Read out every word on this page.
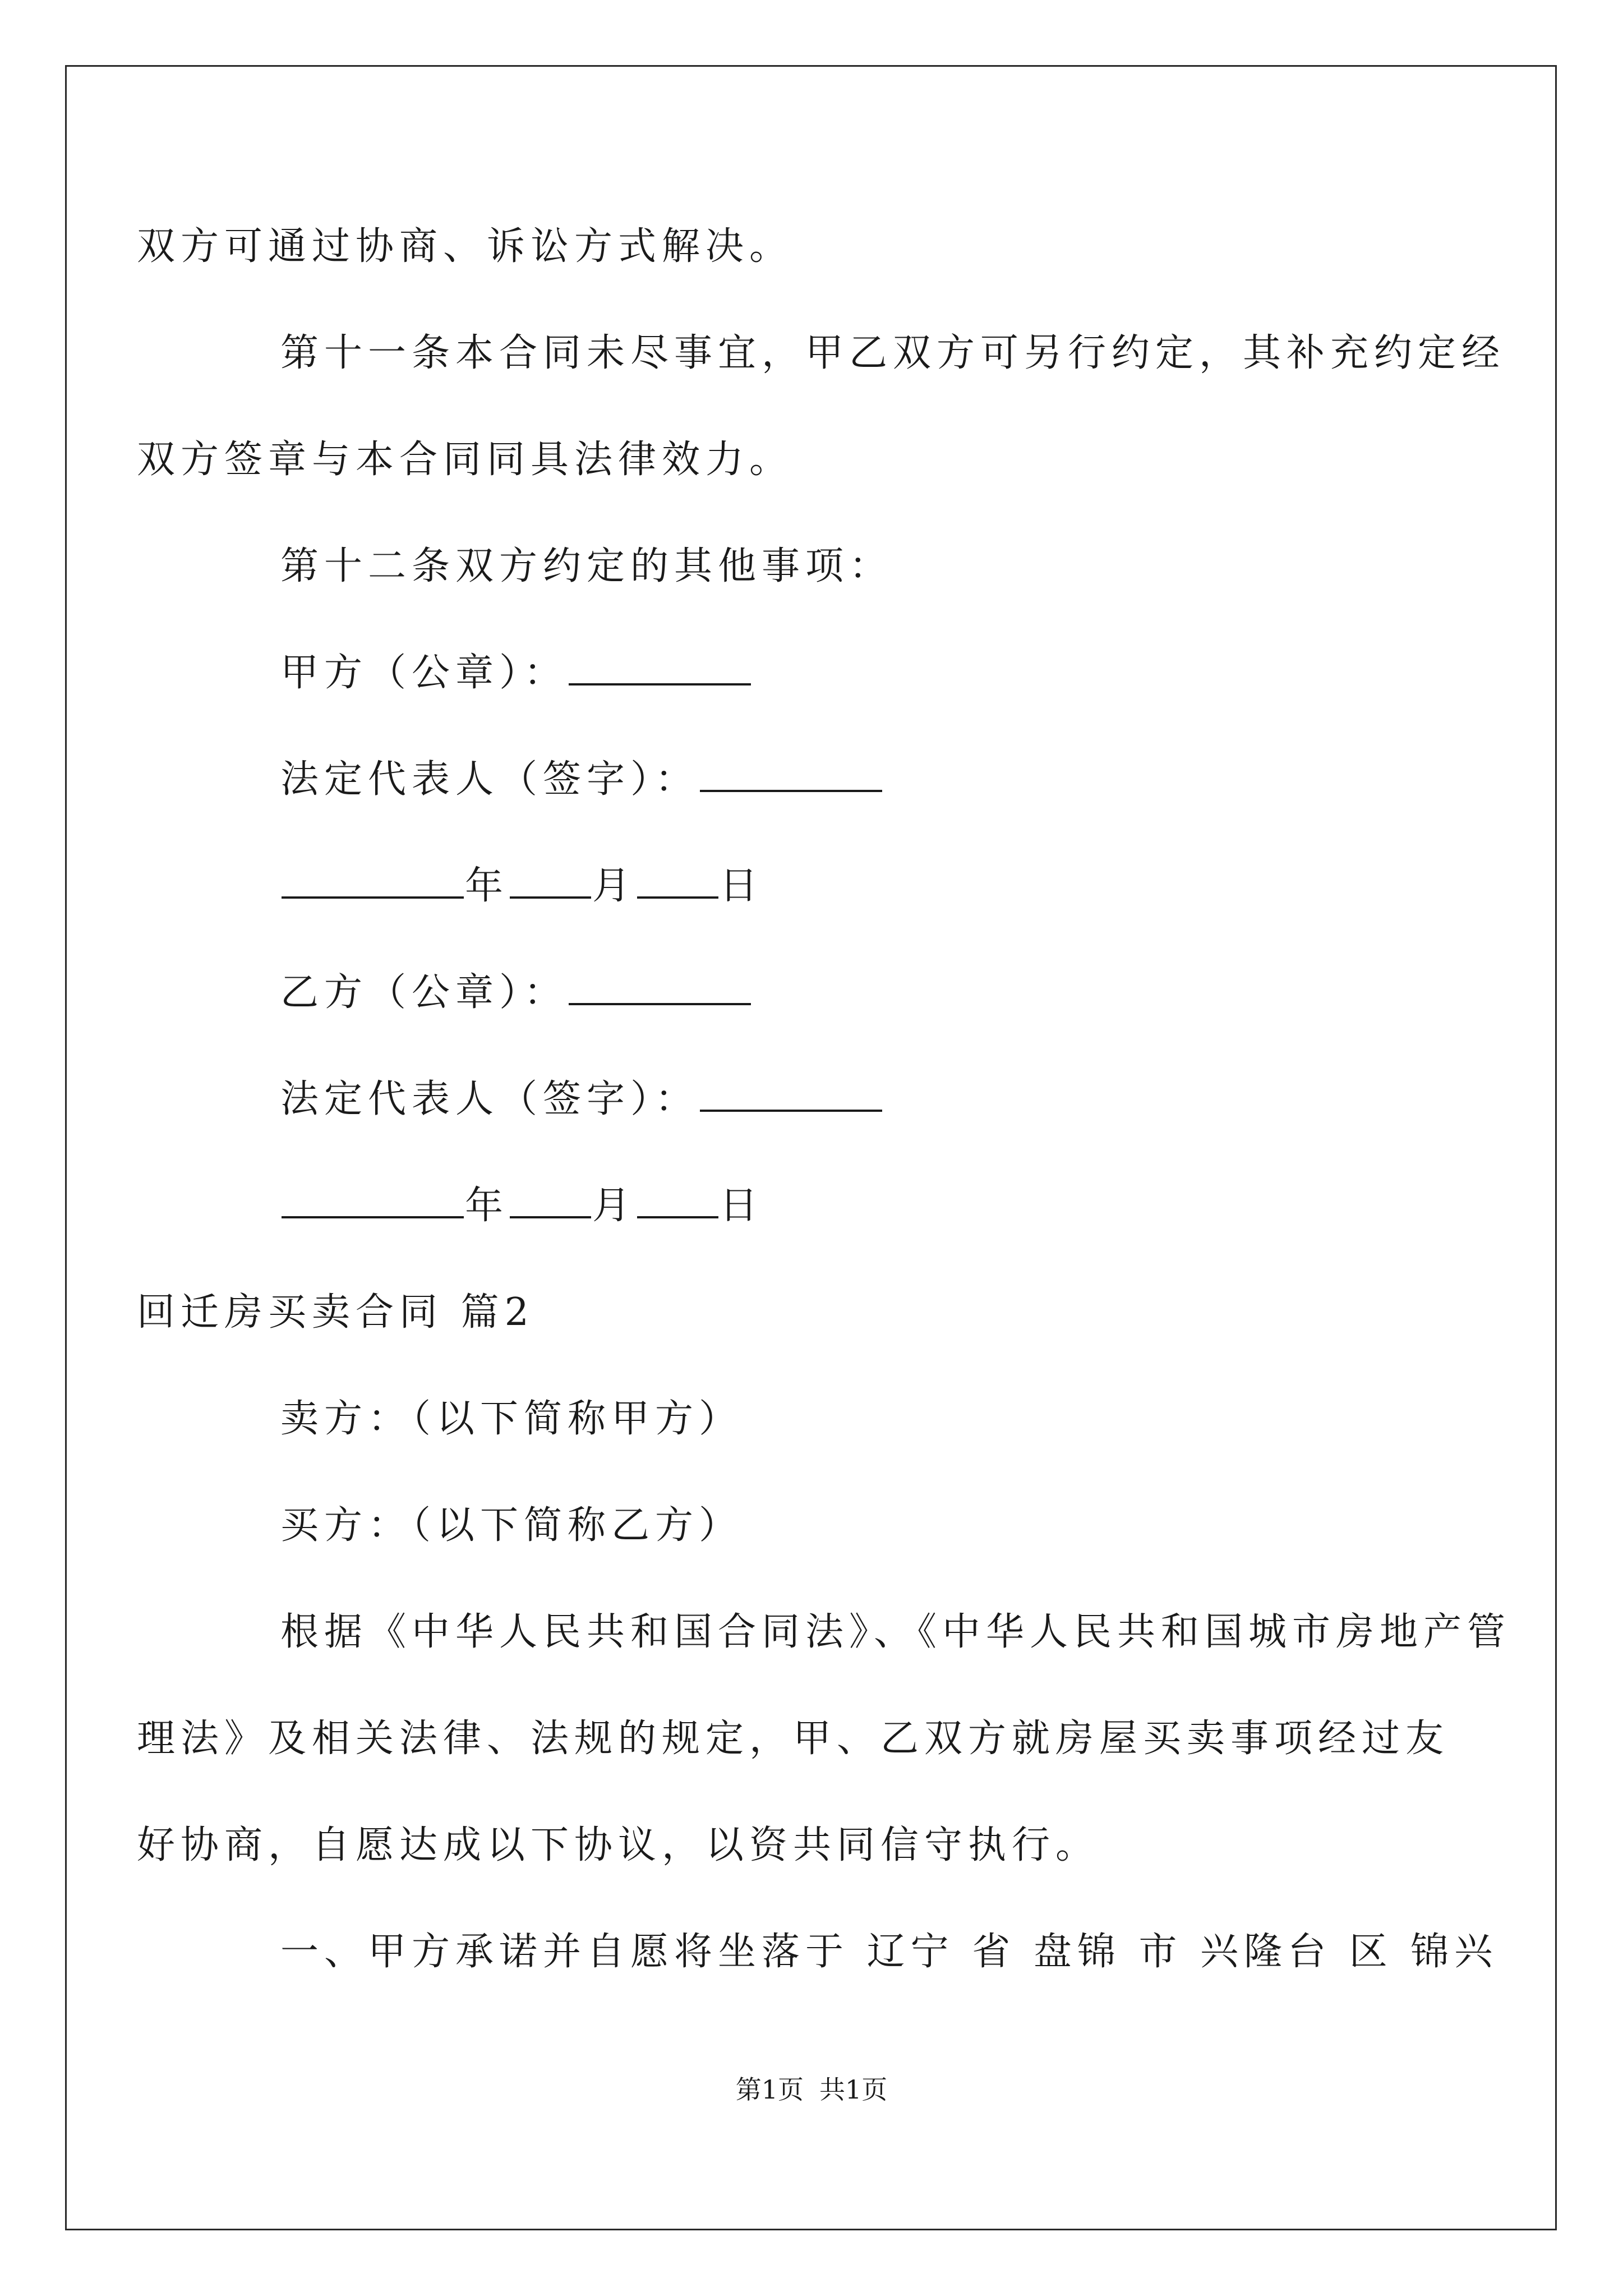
双方可通过协商、诉讼方式解决。
第十一条本合同未尽事宜，甲乙双方可另行约定，其补充约定经
双方签章与本合同同具法律效力。
第十二条双方约定的其他事项：
甲方（公章）：
法定代表人（签字）：
年 月 日
乙方（公章）：
法定代表人（签字）：
年 月 日
回迁房买卖合同 篇2
卖方：（以下简称甲方）
买方：（以下简称乙方）
根据《中华人民共和国合同法》、《中华人民共和国城市房地产管
理法》及相关法律、法规的规定，甲、乙双方就房屋买卖事项经过友
好协商，自愿达成以下协议，以资共同信守执行。
一、甲方承诺并自愿将坐落于 辽宁 省 盘锦 市 兴隆台 区 锦兴
第1页 共1页
